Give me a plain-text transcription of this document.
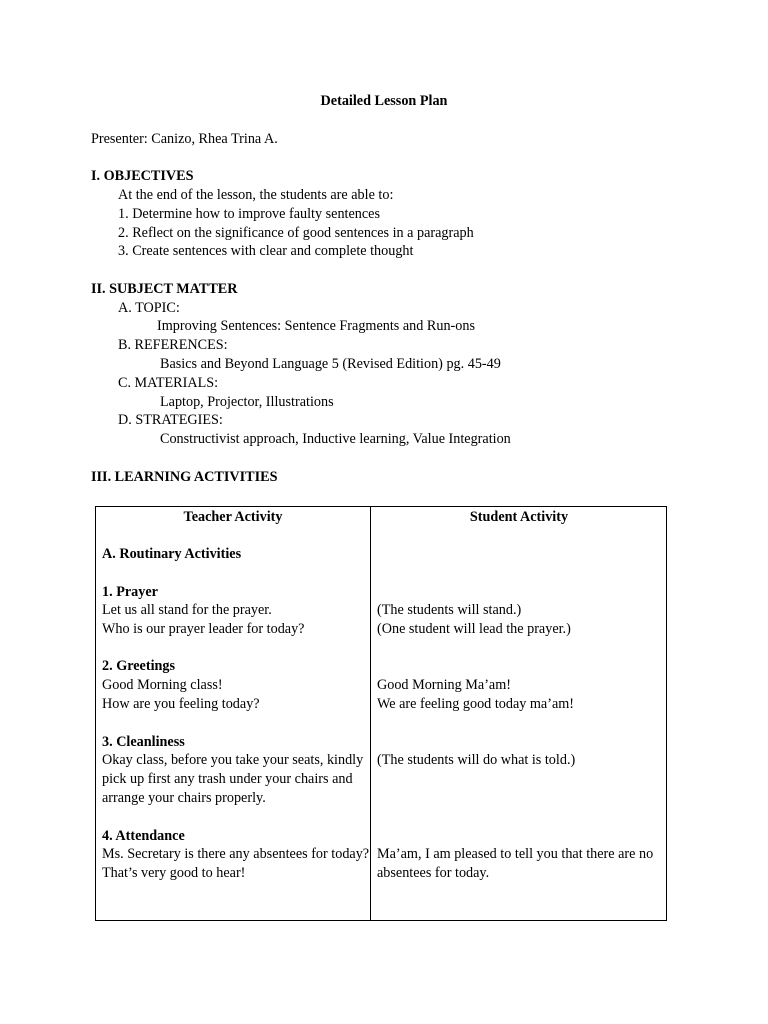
Detailed Lesson Plan
Presenter: Canizo, Rhea Trina A.
I. OBJECTIVES
At the end of the lesson, the students are able to:
1. Determine how to improve faulty sentences
2. Reflect on the significance of good sentences in a paragraph
3. Create sentences with clear and complete thought
II. SUBJECT MATTER
A. TOPIC:
Improving Sentences: Sentence Fragments and Run-ons
B. REFERENCES:
Basics and Beyond Language 5 (Revised Edition) pg. 45-49
C. MATERIALS:
Laptop, Projector, Illustrations
D. STRATEGIES:
Constructivist approach, Inductive learning, Value Integration
III. LEARNING ACTIVITIES
Teacher Activity	Student Activity
A. Routinary Activities
1. Prayer
Let us all stand for the prayer.
Who is our prayer leader for today?
(The students will stand.)
(One student will lead the prayer.)
2. Greetings
Good Morning class!
How are you feeling today?
Good Morning Ma’am!
We are feeling good today ma’am!
3. Cleanliness
Okay class, before you take your seats, kindly
pick up first any trash under your chairs and
arrange your chairs properly.
(The students will do what is told.)
4. Attendance
Ms. Secretary is there any absentees for today?
That’s very good to hear!
Ma’am, I am pleased to tell you that there are no
absentees for today.
